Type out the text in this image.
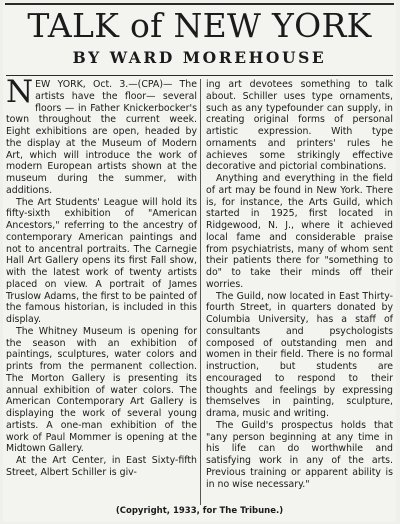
TALK of NEW YORK
BY WARD MOREHOUSE

NEW YORK, Oct. 3.—(CPA)— The artists have the floor— several floors — in Father Knickerbocker's town throughout the current week. Eight exhibitions are open, headed by the display at the Museum of Modern Art, which will introduce the work of modern European artists shown at the museum during the summer, with additions.

The Art Students' League will hold its fifty-sixth exhibition of "American Ancestors," referring to the ancestry of contemporary American paintings and not to ancentral portraits. The Carnegie Hall Art Gallery opens its first Fall show, with the latest work of twenty artists placed on view. A portrait of James Truslow Adams, the first to be painted of the famous historian, is included in this display.

The Whitney Museum is opening for the season with an exhibition of paintings, sculptures, water colors and prints from the permanent collection. The Morton Gallery is presenting its annual exhibition of water colors. The American Contemporary Art Gallery is displaying the work of several young artists. A one-man exhibition of the work of Paul Mommer is opening at the Midtown Gallery.

At the Art Center, in East Sixty-fifth Street, Albert Schiller is giv-

ing art devotees something to talk about. Schiller uses type ornaments, such as any typefounder can supply, in creating original forms of personal artistic expression. With type ornaments and printers' rules he achieves some strikingly effective decorative and pictorial combinations.

Anything and everything in the field of art may be found in New York. There is, for instance, the Arts Guild, which started in 1925, first located in Ridgewood, N. J., where it achieved local fame and considerable praise from psychiatrists, many of whom sent their patients there for "something to do" to take their minds off their worries.

The Guild, now located in East Thirty-fourth Street, in quarters donated by Columbia University, has a staff of consultants and psychologists composed of outstanding men and women in their field. There is no formal instruction, but students are encouraged to respond to their thoughts and feelings by expressing themselves in painting, sculpture, drama, music and writing.

The Guild's prospectus holds that "any person beginning at any time in his life can do worthwhile and satisfying work in any of the arts. Previous training or apparent ability is in no wise necessary."

(Copyright, 1933, for The Tribune.)
